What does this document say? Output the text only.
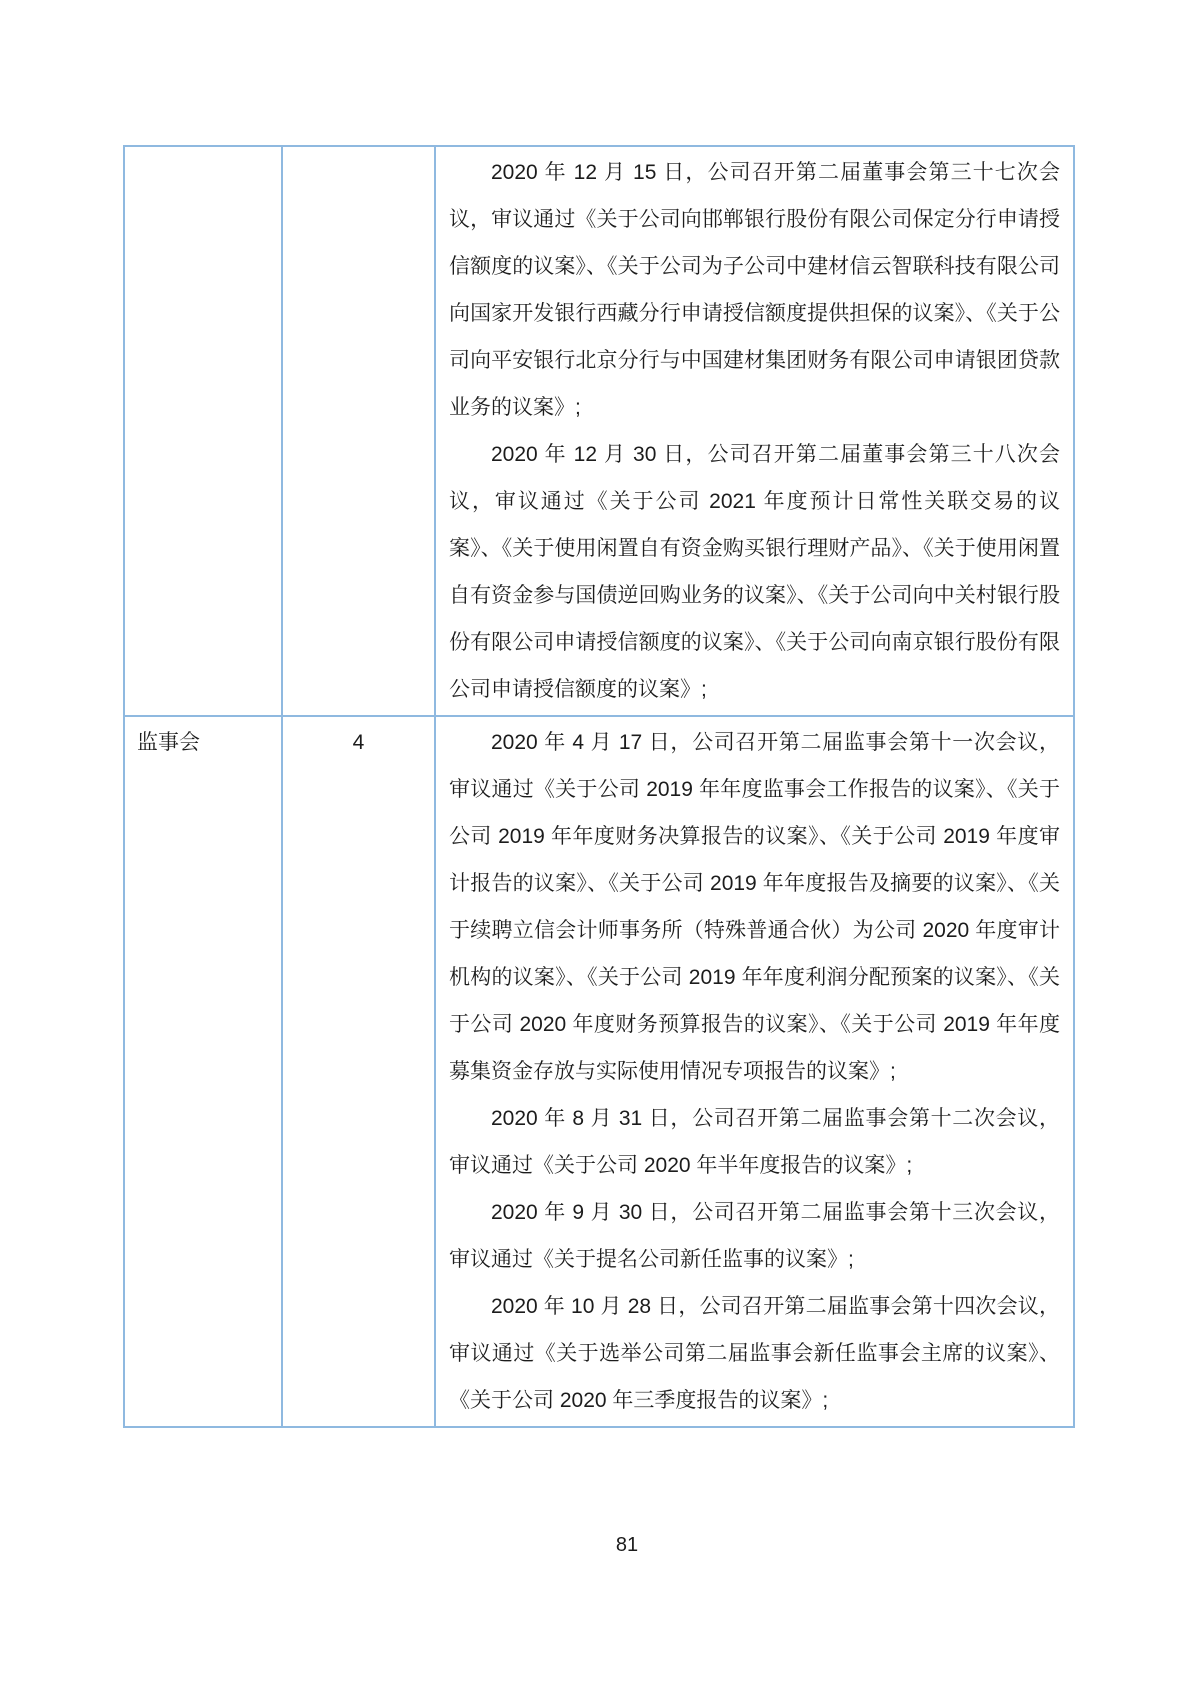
		2020 年 12 月 15 日，公司召开第二届董事会第三十七次会议，审议通过《关于公司向邯郸银行股份有限公司保定分行申请授信额度的议案》、《关于公司为子公司中建材信云智联科技有限公司向国家开发银行西藏分行申请授信额度提供担保的议案》、《关于公司向平安银行北京分行与中国建材集团财务有限公司申请银团贷款业务的议案》;

2020 年 12 月 30 日，公司召开第二届董事会第三十八次会议，审议通过《关于公司 2021 年度预计日常性关联交易的议案》、《关于使用闲置自有资金购买银行理财产品》、《关于使用闲置自有资金参与国债逆回购业务的议案》、《关于公司向中关村银行股份有限公司申请授信额度的议案》、《关于公司向南京银行股份有限公司申请授信额度的议案》;

监事会	4	2020 年 4 月 17 日，公司召开第二届监事会第十一次会议，审议通过《关于公司 2019 年年度监事会工作报告的议案》、《关于公司 2019 年年度财务决算报告的议案》、《关于公司 2019 年度审计报告的议案》、《关于公司 2019 年年度报告及摘要的议案》、《关于续聘立信会计师事务所（特殊普通合伙）为公司 2020 年度审计机构的议案》、《关于公司 2019 年年度利润分配预案的议案》、《关于公司 2020 年度财务预算报告的议案》、《关于公司 2019 年年度募集资金存放与实际使用情况专项报告的议案》;

2020 年 8 月 31 日，公司召开第二届监事会第十二次会议，审议通过《关于公司 2020 年半年度报告的议案》;

2020 年 9 月 30 日，公司召开第二届监事会第十三次会议，审议通过《关于提名公司新任监事的议案》;

2020 年 10 月 28 日，公司召开第二届监事会第十四次会议，审议通过《关于选举公司第二届监事会新任监事会主席的议案》、《关于公司 2020 年三季度报告的议案》;

81
